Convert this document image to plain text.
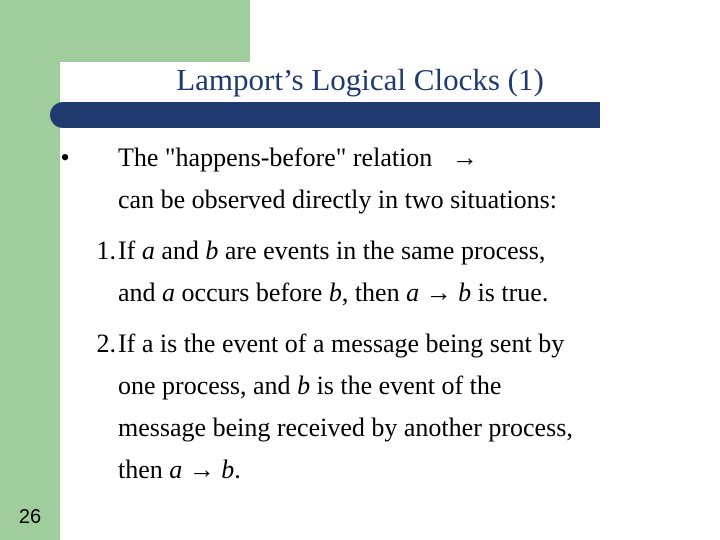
Lamport’s Logical Clocks (1)
•	The "happens-before" relation   →
can be observed directly in two situations:
1. If a and b are events in the same process,
and a occurs before b, then a → b is true.
2. If a is the event of a message being sent by
one process, and b is the event of the
message being received by another process,
then a → b.
26
